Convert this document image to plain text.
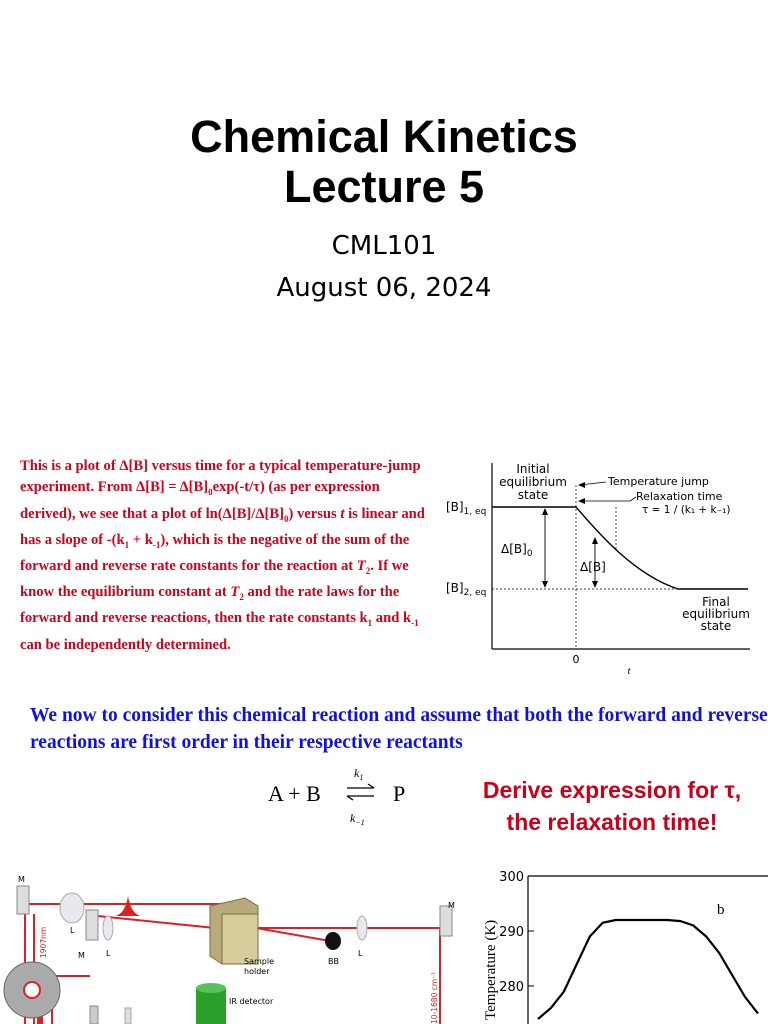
Chemical Kinetics
Lecture 5
CML101
August 06, 2024
This is a plot of Δ[B] versus time for a typical temperature-jump experiment. From $\Delta[B] = \Delta[B]_0\exp(-t/\tau)$ (as per expression derived), we see that a plot of $\ln(\Delta[B]/\Delta[B]_0)$ versus t is linear and has a slope of $-(k_1 + k_{-1})$, which is the negative of the sum of the forward and reverse rate constants for the reaction at $T_2$. If we know the equilibrium constant at $T_2$ and the rate laws for the forward and reverse reactions, then the rate constants $k_1$ and $k_{-1}$ can be independently determined.
Initial
equilibrium
state
Temperature jump
Relaxation time
τ = 1 / (k₁ + k₋₁)
$[B]_{1, eq}$
$[B]_{2, eq}$
$\Delta[B]_0$
Δ[B]
Final
equilibrium
state
0
t
We now to consider this chemical reaction and assume that both the forward and reverse reactions are first order in their respective reactants
A + B	P
$k_1$
$k_{-1}$
Derive expression for τ,
the relaxation time!
M
M
L
L
Sample
holder
BB
L
M
IR detector
1907nm
10-1680 cm⁻¹	Temperature (K)
300
290
280
b
